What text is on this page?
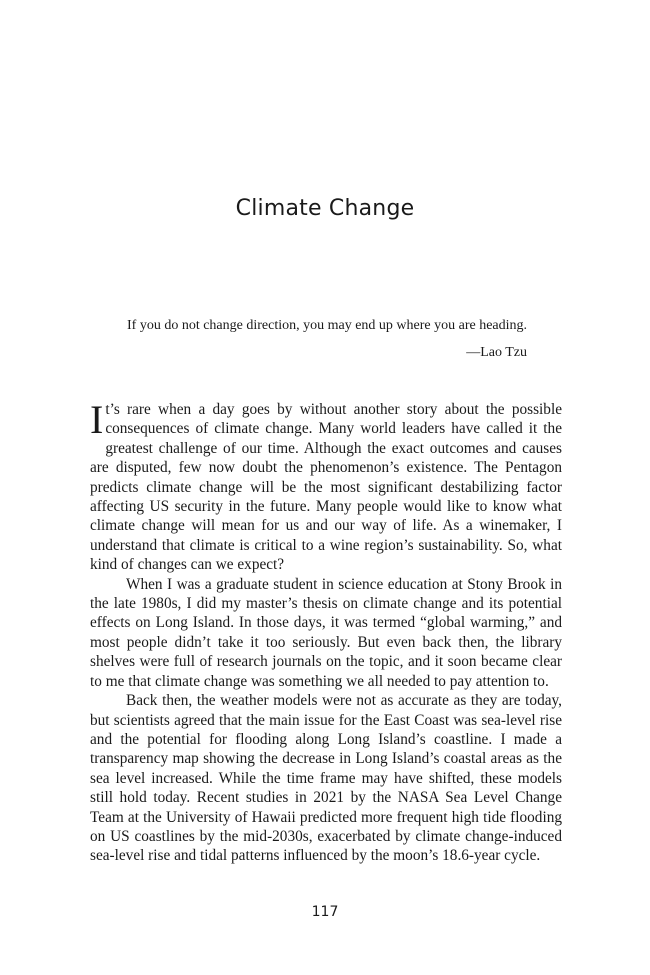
Climate Change

If you do not change direction, you may end up where you are heading.

—Lao Tzu

It’s rare when a day goes by without another story about the possible consequences of climate change. Many world leaders have called it the greatest challenge of our time. Although the exact outcomes and causes are disputed, few now doubt the phenomenon’s existence. The Pentagon predicts climate change will be the most significant destabilizing factor affecting US security in the future. Many people would like to know what climate change will mean for us and our way of life. As a winemaker, I understand that climate is critical to a wine region’s sustainability. So, what kind of changes can we expect?

When I was a graduate student in science education at Stony Brook in the late 1980s, I did my master’s thesis on climate change and its potential effects on Long Island. In those days, it was termed “global warming,” and most people didn’t take it too seriously. But even back then, the library shelves were full of research journals on the topic, and it soon became clear to me that climate change was something we all needed to pay attention to.

Back then, the weather models were not as accurate as they are today, but scientists agreed that the main issue for the East Coast was sea-level rise and the potential for flooding along Long Island’s coastline. I made a transparency map showing the decrease in Long Island’s coastal areas as the sea level increased. While the time frame may have shifted, these models still hold today. Recent studies in 2021 by the NASA Sea Level Change Team at the University of Hawaii predicted more frequent high tide flooding on US coastlines by the mid-2030s, exacerbated by climate change-induced sea-level rise and tidal patterns influenced by the moon’s 18.6-year cycle.

117
